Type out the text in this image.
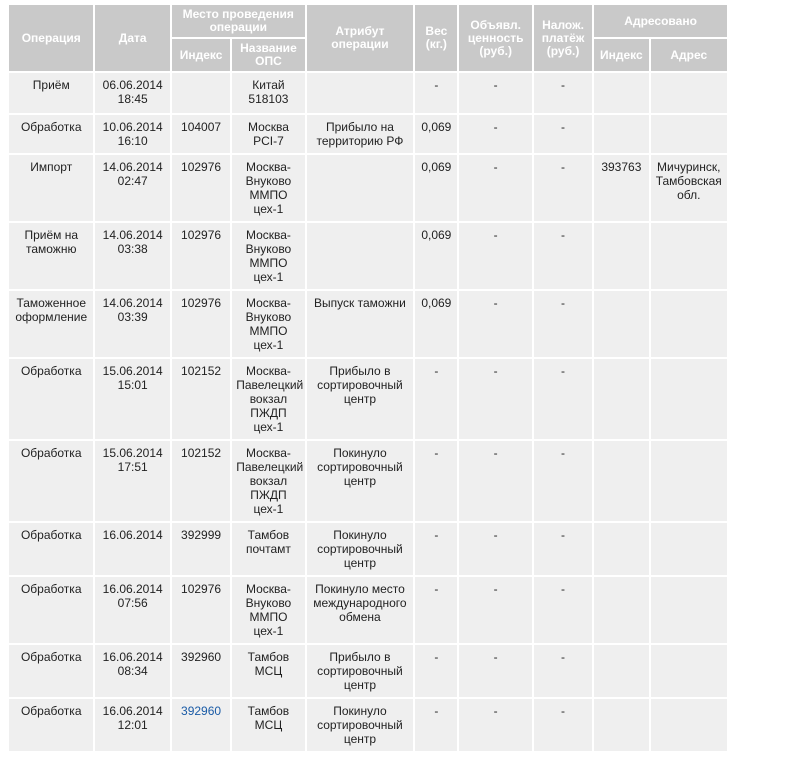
Операция	Дата	Место проведения операции		Атрибут операции	Вес (кг.)	Объявл. ценность (руб.)	Налож. платёж (руб.)	Адресовано	
		Индекс	Название ОПС					Индекс	Адрес
Приём	06.06.2014 18:45		Китай 518103		-	-	-		
Обработка	10.06.2014 16:10	104007	Москва PCI-7	Прибыло на территорию РФ	0,069	-	-		
Импорт	14.06.2014 02:47	102976	Москва-Внуково ММПО цех-1		0,069	-	-	393763	Мичуринск, Тамбовская обл.
Приём на таможню	14.06.2014 03:38	102976	Москва-Внуково ММПО цех-1		0,069	-	-		
Таможенное оформление	14.06.2014 03:39	102976	Москва-Внуково ММПО цех-1	Выпуск таможни	0,069	-	-		
Обработка	15.06.2014 15:01	102152	Москва-Павелецкий вокзал ПЖДП цех-1	Прибыло в сортировочный центр	-	-	-		
Обработка	15.06.2014 17:51	102152	Москва-Павелецкий вокзал ПЖДП цех-1	Покинуло сортировочный центр	-	-	-		
Обработка	16.06.2014	392999	Тамбов почтамт	Покинуло сортировочный центр	-	-	-		
Обработка	16.06.2014 07:56	102976	Москва-Внуково ММПО цех-1	Покинуло место международного обмена	-	-	-		
Обработка	16.06.2014 08:34	392960	Тамбов МСЦ	Прибыло в сортировочный центр	-	-	-		
Обработка	16.06.2014 12:01	392960	Тамбов МСЦ	Покинуло сортировочный центр	-	-	-		
